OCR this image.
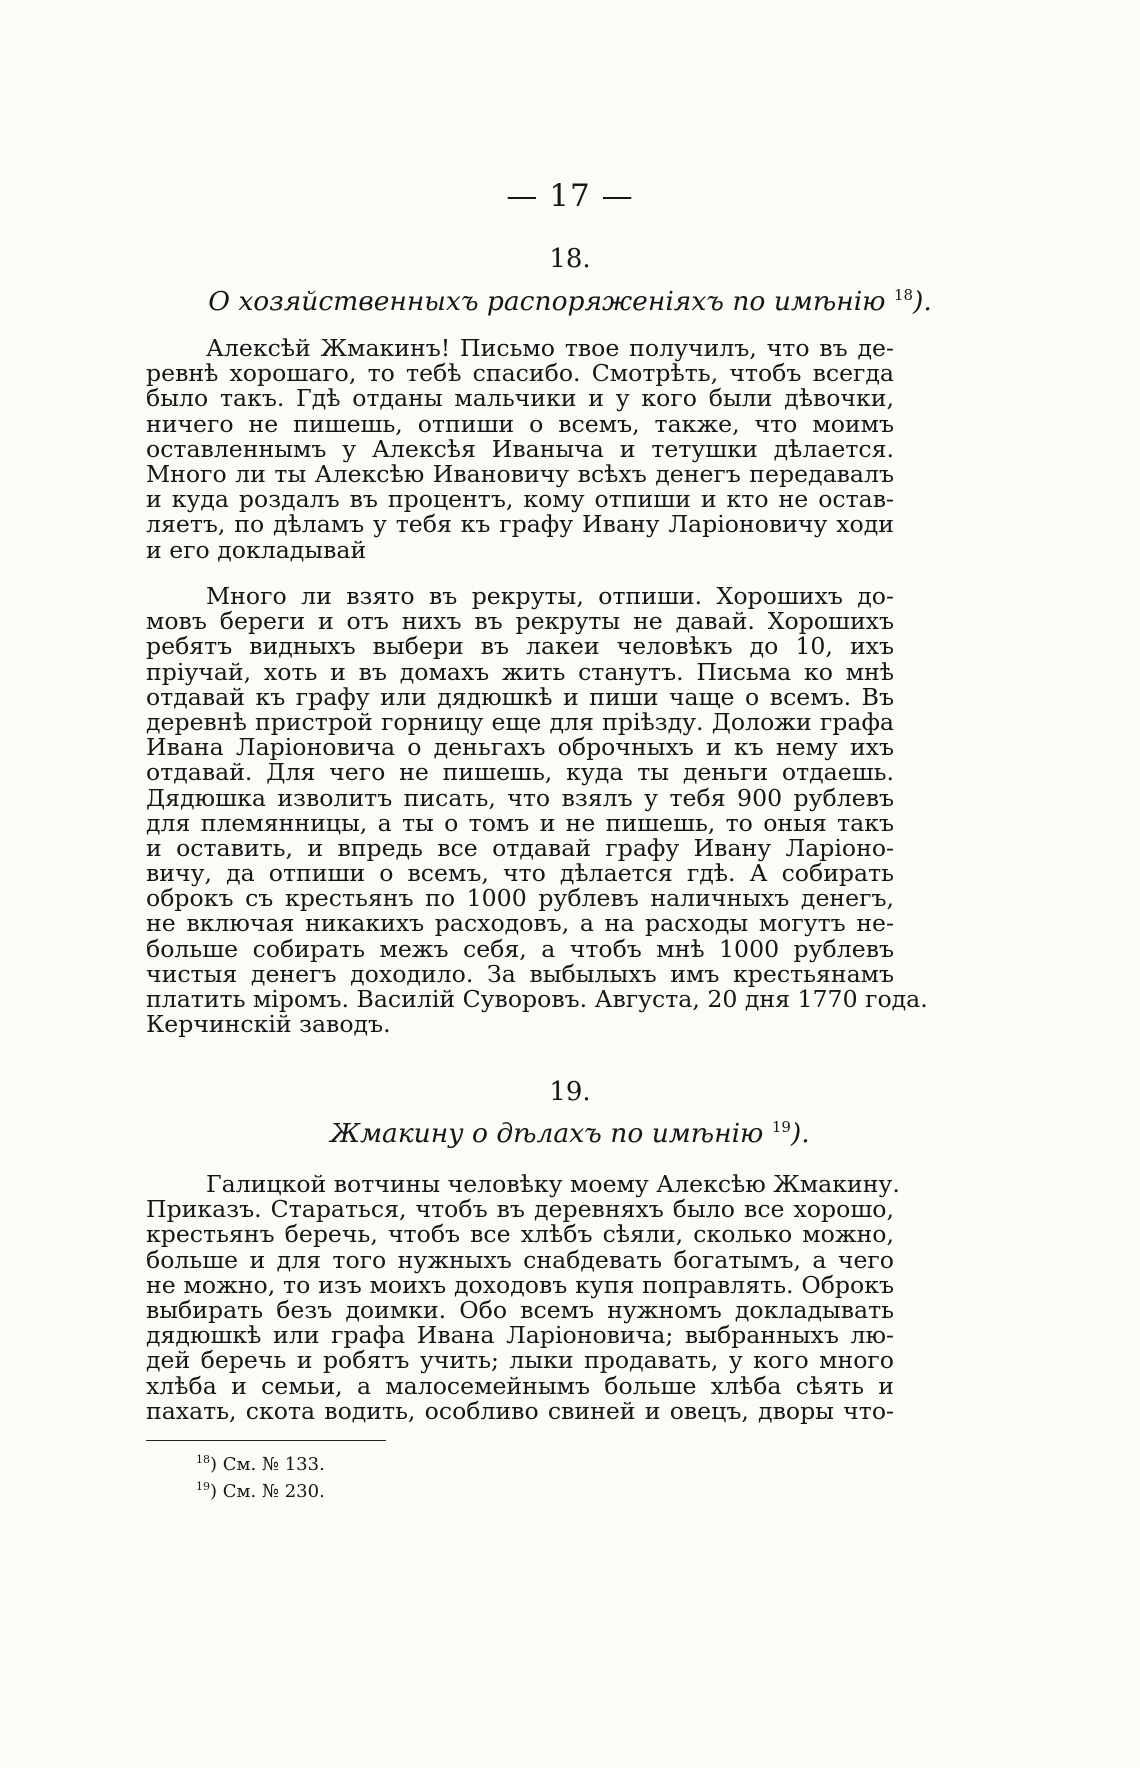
— 17 —
18.
О хозяйственныхъ распоряженiяхъ по имѣнiю $^{18}$).
Алексѣй Жмакинъ! Письмо твое получилъ, что въ де-
ревнѣ хорошаго, то тебѣ спасибо. Смотрѣть, чтобъ всегда
было такъ. Гдѣ отданы мальчики и у кого были дѣвочки,
ничего не пишешь, отпиши о всемъ, также, что моимъ
оставленнымъ у Алексѣя Иваныча и тетушки дѣлается.
Много ли ты Алексѣю Ивановичу всѣхъ денегъ передавалъ
и куда роздалъ въ процентъ, кому отпиши и кто не остав-
ляетъ, по дѣламъ у тебя къ графу Ивану Ларiоновичу ходи
и его докладывай
Много ли взято въ рекруты, отпиши. Хорошихъ до-
мовъ береги и отъ нихъ въ рекруты не давай. Хорошихъ
ребятъ видныхъ выбери въ лакеи человѣкъ до 10, ихъ
прiучай, хоть и въ домахъ жить станутъ. Письма ко мнѣ
отдавай къ графу или дядюшкѣ и пиши чаще о всемъ. Въ
деревнѣ пристрой горницу еще для прiѣзду. Доложи графа
Ивана Ларiоновича о деньгахъ оброчныхъ и къ нему ихъ
отдавай. Для чего не пишешь, куда ты деньги отдаешь.
Дядюшка изволитъ писать, что взялъ у тебя 900 рублевъ
для племянницы, а ты о томъ и не пишешь, то оныя такъ
и оставить, и впредь все отдавай графу Ивану Ларiоно-
вичу, да отпиши о всемъ, что дѣлается гдѣ. А собирать
оброкъ съ крестьянъ по 1000 рублевъ наличныхъ денегъ,
не включая никакихъ расходовъ, а на расходы могутъ не-
больше собирать межъ себя, а чтобъ мнѣ 1000 рублевъ
чистыя денегъ доходило. За выбылыхъ имъ крестьянамъ
платить мiромъ. Василiй Суворовъ. Августа, 20 дня 1770 года.
Керчинскiй заводъ.
19.
Жмакину о дѣлахъ по имѣнiю $^{19}$).
Галицкой вотчины человѣку моему Алексѣю Жмакину.
Приказъ. Стараться, чтобъ въ деревняхъ было все хорошо,
крестьянъ беречь, чтобъ все хлѣбъ сѣяли, сколько можно,
больше и для того нужныхъ снабдевать богатымъ, а чего
не можно, то изъ моихъ доходовъ купя поправлять. Оброкъ
выбирать безъ доимки. Обо всемъ нужномъ докладывать
дядюшкѣ или графа Ивана Ларiоновича; выбранныхъ лю-
дей беречь и робятъ учить; лыки продавать, у кого много
хлѣба и семьи, а малосемейнымъ больше хлѣба сѣять и
пахать, скота водить, особливо свиней и овецъ, дворы что-
$^{18}$) См. № 133.
$^{19}$) См. № 230.
